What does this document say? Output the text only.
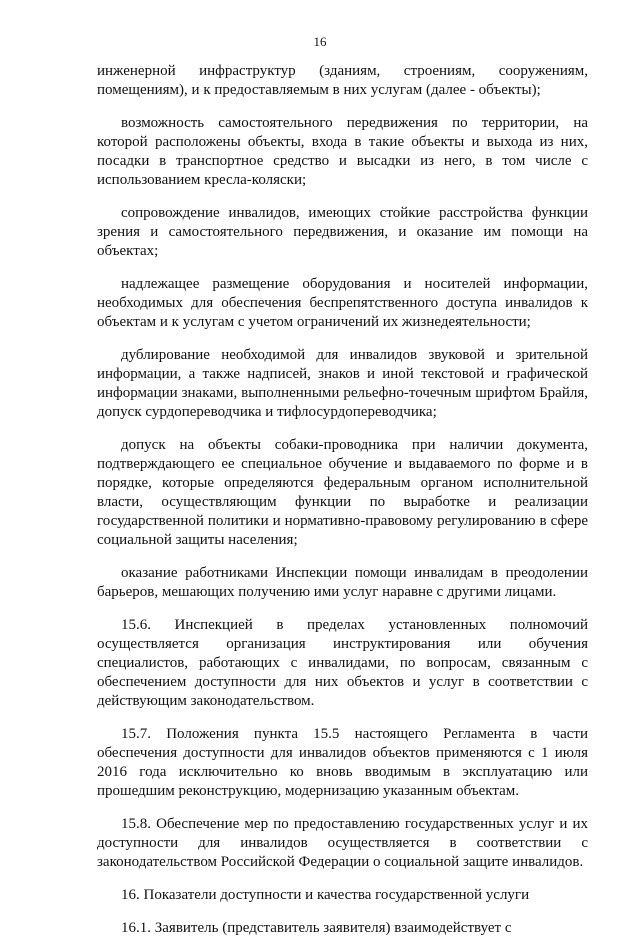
16

инженерной инфраструктур (зданиям, строениям, сооружениям, помещениям), и к предоставляемым в них услугам (далее - объекты);

возможность самостоятельного передвижения по территории, на которой расположены объекты, входа в такие объекты и выхода из них, посадки в транспортное средство и высадки из него, в том числе с использованием кресла-коляски;

сопровождение инвалидов, имеющих стойкие расстройства функции зрения и самостоятельного передвижения, и оказание им помощи на объектах;

надлежащее размещение оборудования и носителей информации, необходимых для обеспечения беспрепятственного доступа инвалидов к объектам и к услугам с учетом ограничений их жизнедеятельности;

дублирование необходимой для инвалидов звуковой и зрительной информации, а также надписей, знаков и иной текстовой и графической информации знаками, выполненными рельефно-точечным шрифтом Брайля, допуск сурдопереводчика и тифлосурдопереводчика;

допуск на объекты собаки-проводника при наличии документа, подтверждающего ее специальное обучение и выдаваемого по форме и в порядке, которые определяются федеральным органом исполнительной власти, осуществляющим функции по выработке и реализации государственной политики и нормативно-правовому регулированию в сфере социальной защиты населения;

оказание работниками Инспекции помощи инвалидам в преодолении барьеров, мешающих получению ими услуг наравне с другими лицами.

15.6. Инспекцией в пределах установленных полномочий осуществляется организация инструктирования или обучения специалистов, работающих с инвалидами, по вопросам, связанным с обеспечением доступности для них объектов и услуг в соответствии с действующим законодательством.

15.7. Положения пункта 15.5 настоящего Регламента в части обеспечения доступности для инвалидов объектов применяются с 1 июля 2016 года исключительно ко вновь вводимым в эксплуатацию или прошедшим реконструкцию, модернизацию указанным объектам.

15.8. Обеспечение мер по предоставлению государственных услуг и их доступности для инвалидов осуществляется в соответствии с законодательством Российской Федерации о социальной защите инвалидов.

16. Показатели доступности и качества государственной услуги

16.1. Заявитель (представитель заявителя) взаимодействует с
